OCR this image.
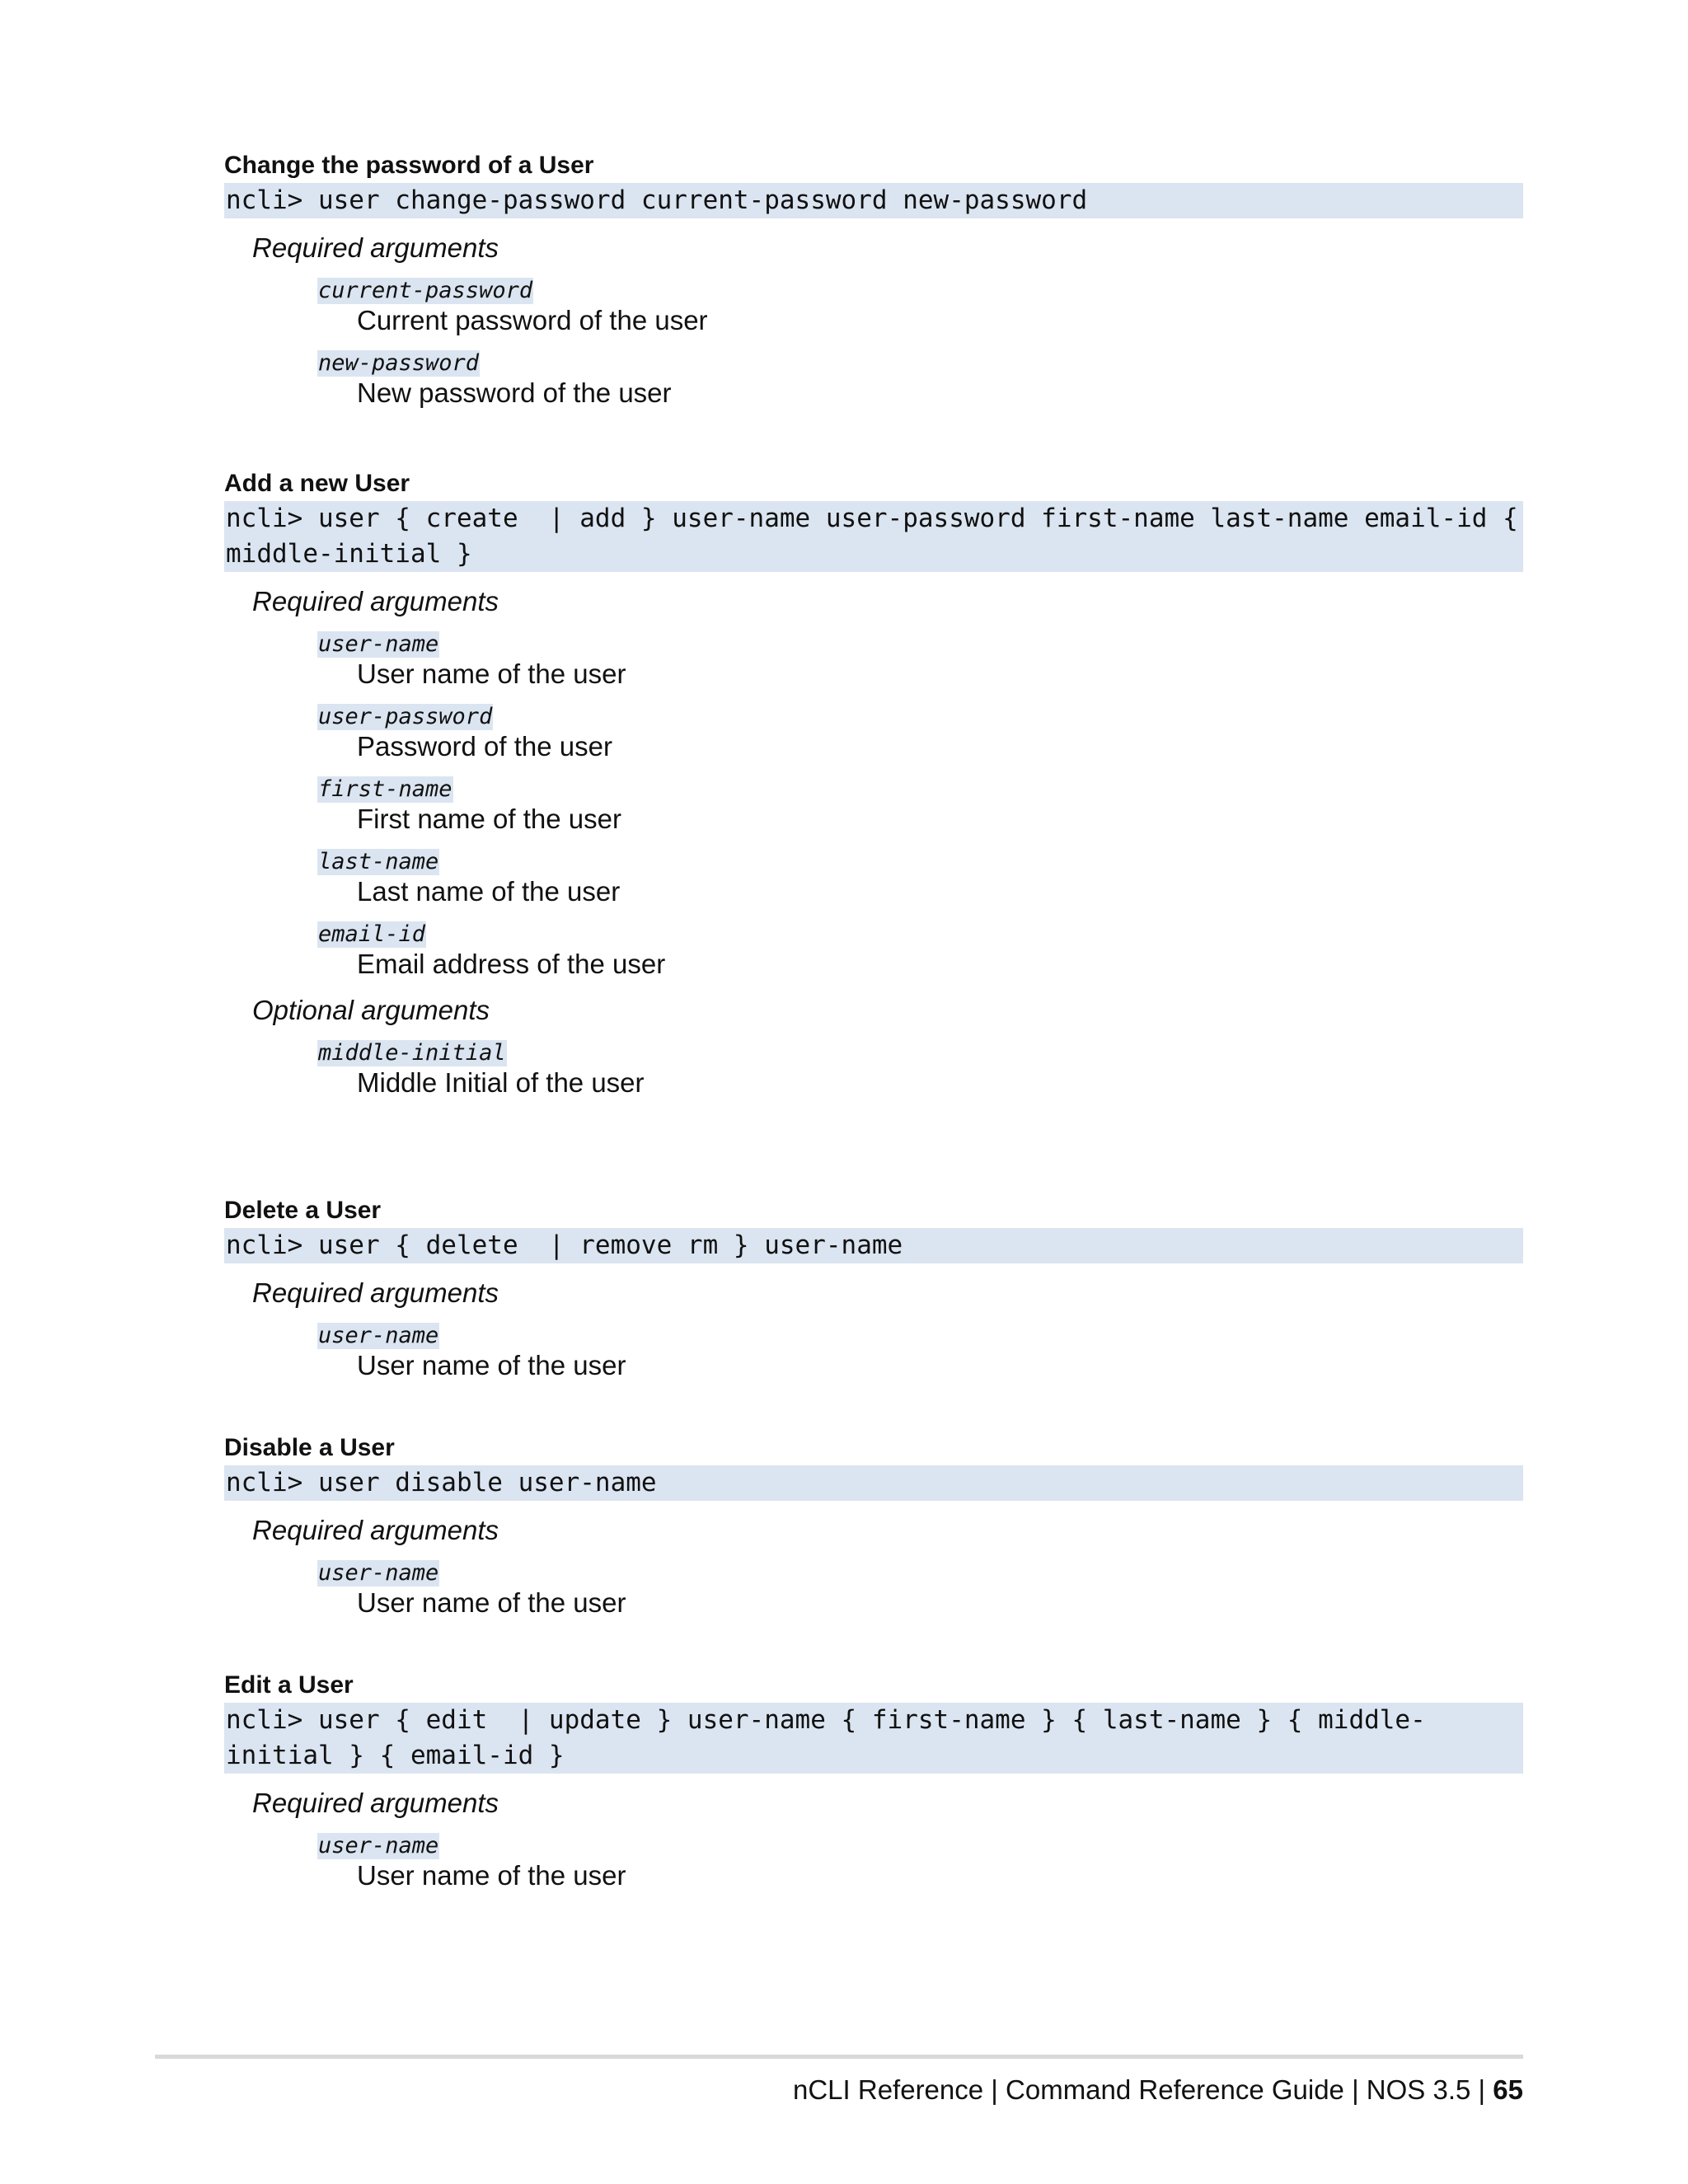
Change the password of a User
ncli> user change-password current-password new-password
Required arguments
current-password
Current password of the user
new-password
New password of the user
Add a new User
ncli> user { create  | add } user-name user-password first-name last-name email-id { middle-initial }
Required arguments
user-name
User name of the user
user-password
Password of the user
first-name
First name of the user
last-name
Last name of the user
email-id
Email address of the user
Optional arguments
middle-initial
Middle Initial of the user
Delete a User
ncli> user { delete  | remove rm } user-name
Required arguments
user-name
User name of the user
Disable a User
ncli> user disable user-name
Required arguments
user-name
User name of the user
Edit a User
ncli> user { edit  | update } user-name { first-name } { last-name } { middle-initial } { email-id }
Required arguments
user-name
User name of the user
nCLI Reference | Command Reference Guide | NOS 3.5 | 65
